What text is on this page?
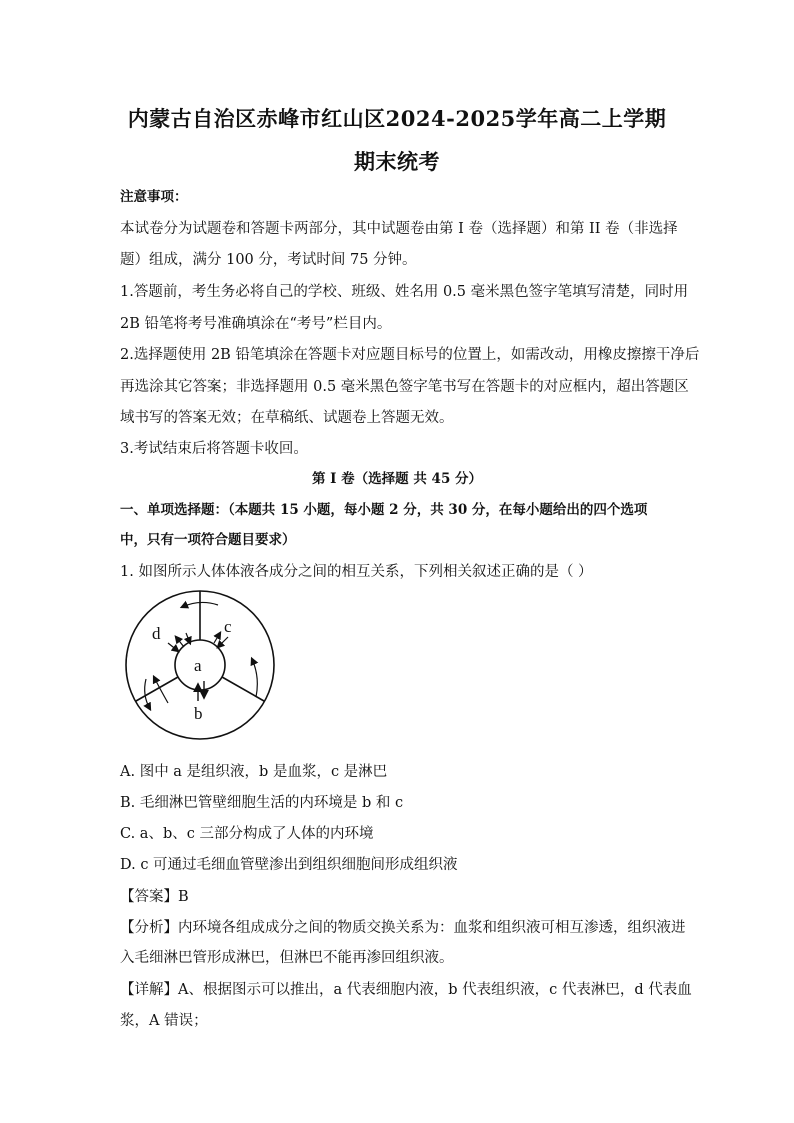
内蒙古自治区赤峰市红山区2024-2025学年高二上学期
期末统考
注意事项：
本试卷分为试题卷和答题卡两部分，其中试题卷由第 I 卷（选择题）和第 II 卷（非选择
题）组成，满分 100 分，考试时间 75 分钟。
1.答题前，考生务必将自己的学校、班级、姓名用 0.5 毫米黑色签字笔填写清楚，同时用
2B 铅笔将考号准确填涂在“考号”栏目内。
2.选择题使用 2B 铅笔填涂在答题卡对应题目标号的位置上，如需改动，用橡皮擦擦干净后
再选涂其它答案；非选择题用 0.5 毫米黑色签字笔书写在答题卡的对应框内，超出答题区
域书写的答案无效；在草稿纸、试题卷上答题无效。
3.考试结束后将答题卡收回。
第 I 卷（选择题 共 45 分）
一、单项选择题：（本题共 15 小题，每小题 2 分，共 30 分，在每小题给出的四个选项
中，只有一项符合题目要求）
1. 如图所示人体体液各成分之间的相互关系，下列相关叙述正确的是（ ）
a
b
c
d
A. 图中 a 是组织液，b 是血浆，c 是淋巴
B. 毛细淋巴管壁细胞生活的内环境是 b 和 c
C. a、b、c 三部分构成了人体的内环境
D. c 可通过毛细血管壁渗出到组织细胞间形成组织液
【答案】B
【分析】内环境各组成成分之间的物质交换关系为：血浆和组织液可相互渗透，组织液进
入毛细淋巴管形成淋巴，但淋巴不能再渗回组织液。
【详解】A、根据图示可以推出，a 代表细胞内液，b 代表组织液，c 代表淋巴，d 代表血
浆，A 错误；
